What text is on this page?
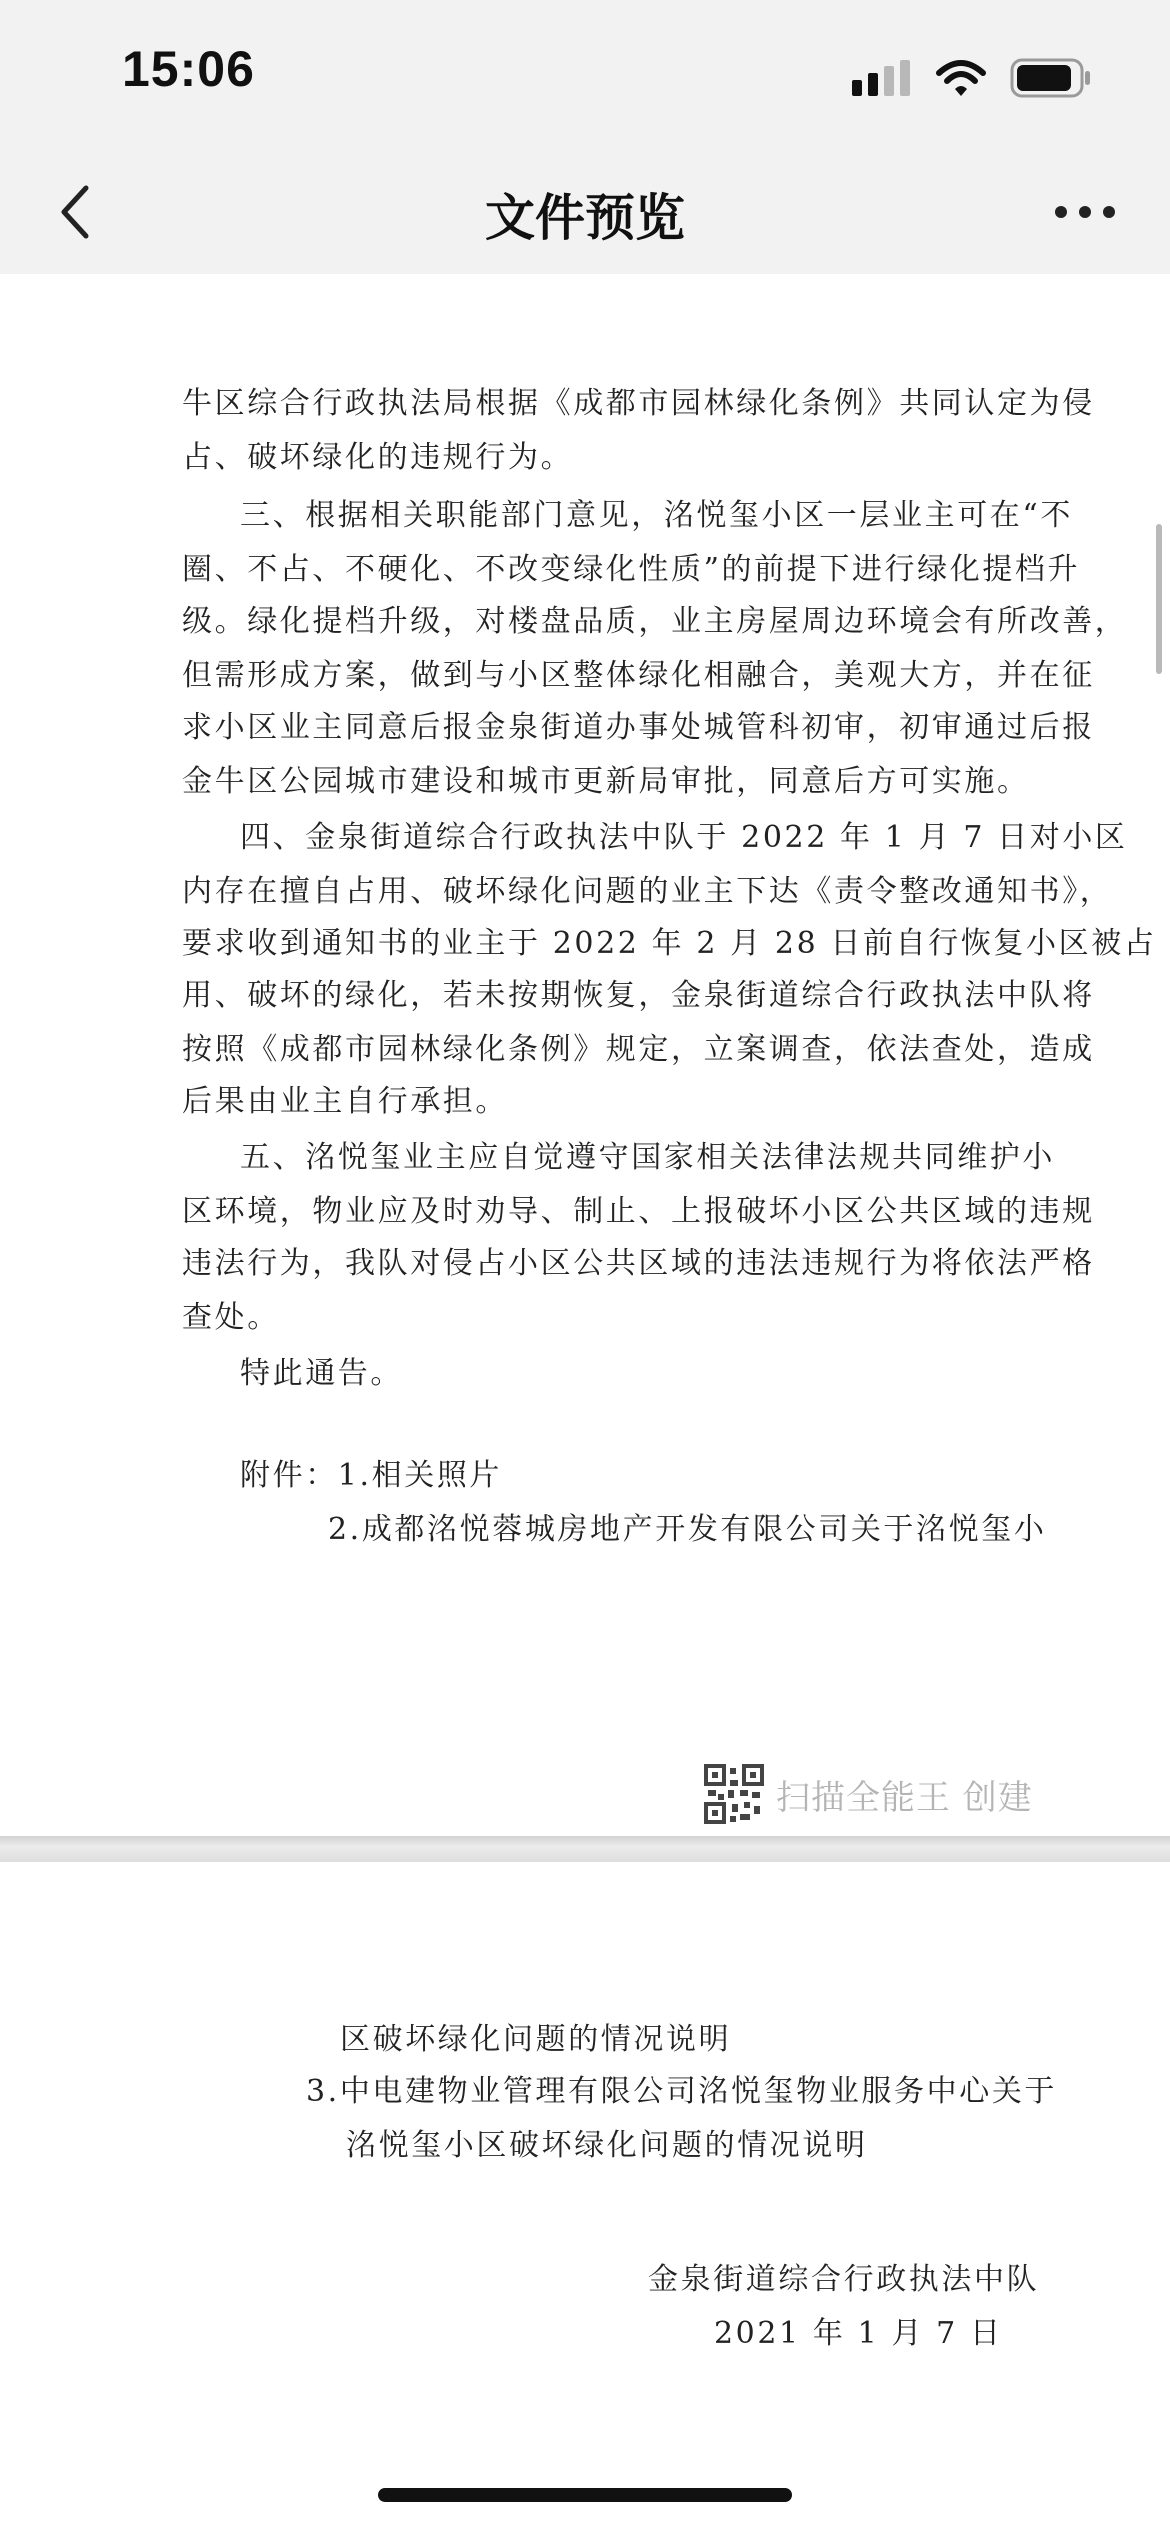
15:06
文件预览
牛区综合行政执法局根据《成都市园林绿化条例》共同认定为侵
占、破坏绿化的违规行为。
三、根据相关职能部门意见，洺悦玺小区一层业主可在“不
圈、不占、不硬化、不改变绿化性质”的前提下进行绿化提档升
级。绿化提档升级，对楼盘品质，业主房屋周边环境会有所改善，
但需形成方案，做到与小区整体绿化相融合，美观大方，并在征
求小区业主同意后报金泉街道办事处城管科初审，初审通过后报
金牛区公园城市建设和城市更新局审批，同意后方可实施。
四、金泉街道综合行政执法中队于 2022 年 1 月 7 日对小区
内存在擅自占用、破坏绿化问题的业主下达《责令整改通知书》，
要求收到通知书的业主于 2022 年 2 月 28 日前自行恢复小区被占
用、破坏的绿化，若未按期恢复，金泉街道综合行政执法中队将
按照《成都市园林绿化条例》规定，立案调查，依法查处，造成
后果由业主自行承担。
五、洺悦玺业主应自觉遵守国家相关法律法规共同维护小
区环境，物业应及时劝导、制止、上报破坏小区公共区域的违规
违法行为，我队对侵占小区公共区域的违法违规行为将依法严格
查处。
特此通告。
附件：1.相关照片
2.成都洺悦蓉城房地产开发有限公司关于洺悦玺小
扫描全能王 创建
区破坏绿化问题的情况说明
3.中电建物业管理有限公司洺悦玺物业服务中心关于
洺悦玺小区破坏绿化问题的情况说明
金泉街道综合行政执法中队
2021 年 1 月 7 日
